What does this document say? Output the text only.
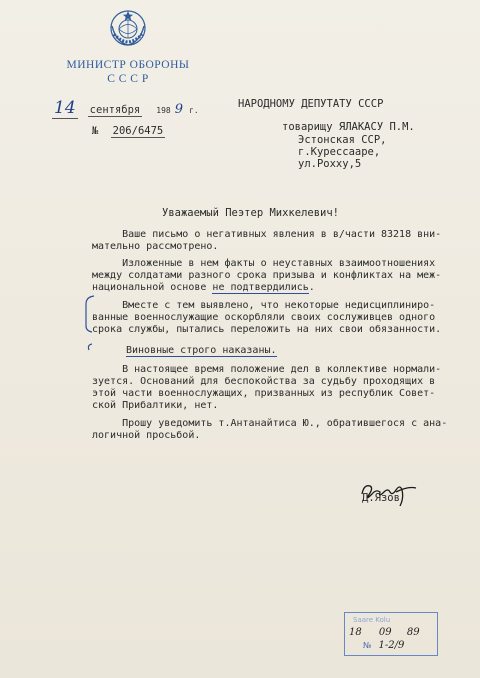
МИНИСТР ОБОРОНЫ
С С С Р
14 сентября 198 9 г.
№ 206/6475
НАРОДНОМУ ДЕПУТАТУ СССР
товарищу ЯЛАКАСУ П.М.
Эстонская ССР,
г.Курессааре,
ул.Рохху,5
Уважаемый Пеэтер Михкелевич!
Ваше письмо о негативных явления в в/части 83218 вни-
мательно рассмотрено.
Изложенные в нем факты о неуставных взаимоотношениях
между солдатами разного срока призыва и конфликтах на меж-
национальной основе не подтвердились.
Вместе с тем выявлено, что некоторые недисциплиниро-
ванные военнослужащие оскорбляли своих сослуживцев одного
срока службы, пытались переложить на них свои обязанности.
Виновные строго наказаны.
В настоящее время положение дел в коллективе нормали-
зуется. Оснований для беспокойства за судьбу проходящих в
этой части военнослужащих, призванных из республик Совет-
ской Прибалтики, нет.
Прошу уведомить т.Антанайтиса Ю., обратившегося с ана-
логичной просьбой.
Д.Язов
Saare Kolu
18 09 89
№ 1-2/9
